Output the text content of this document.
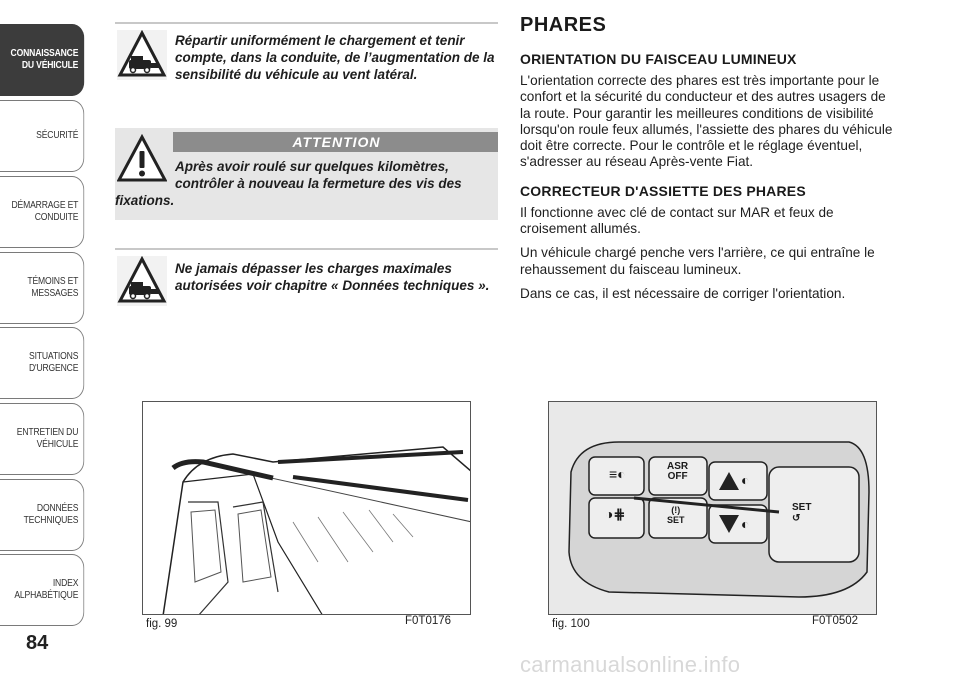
CONNAISSANCE
DU VÉHICULE
SÉCURITÉ
DÉMARRAGE ET
CONDUITE
TÉMOINS ET
MESSAGES
SITUATIONS
D'URGENCE
ENTRETIEN DU
VÉHICULE
DONNÉES
TECHNIQUES
INDEX
ALPHABÉTIQUE
84

Répartir uniformément le chargement et tenir compte, dans la conduite, de l’augmentation de la sensibilité du véhicule au vent latéral.

ATTENTION

Après avoir roulé sur quelques kilomètres, contrôler à nouveau la fermeture des vis des fixations.

Ne jamais dépasser les charges maximales autorisées voir chapitre « Données techniques ».

PHARES
ORIENTATION DU FAISCEAU LUMINEUX

L'orientation correcte des phares est très importante pour le confort et la sécurité du conducteur et des autres usagers de la route. Pour garantir les meilleures conditions de visibilité lorsqu'on roule feux allumés, l'assiette des phares du véhicule doit être correcte. Pour le contrôle et le réglage éventuel, s'adresser au réseau Après-vente Fiat.

CORRECTEUR D'ASSIETTE DES PHARES

Il fonctionne avec clé de contact sur MAR et feux de croisement allumés.

Un véhicule chargé penche vers l'arrière, ce qui entraîne le rehaussement du faisceau lumineux.

Dans ce cas, il est nécessaire de corriger l'orientation.

fig. 99	F0T0176
≡◐
◑⋕
ASR
OFF
(!)
SET
◐
◐
SET
↺
fig. 100	F0T0502
carmanualsonline.info
